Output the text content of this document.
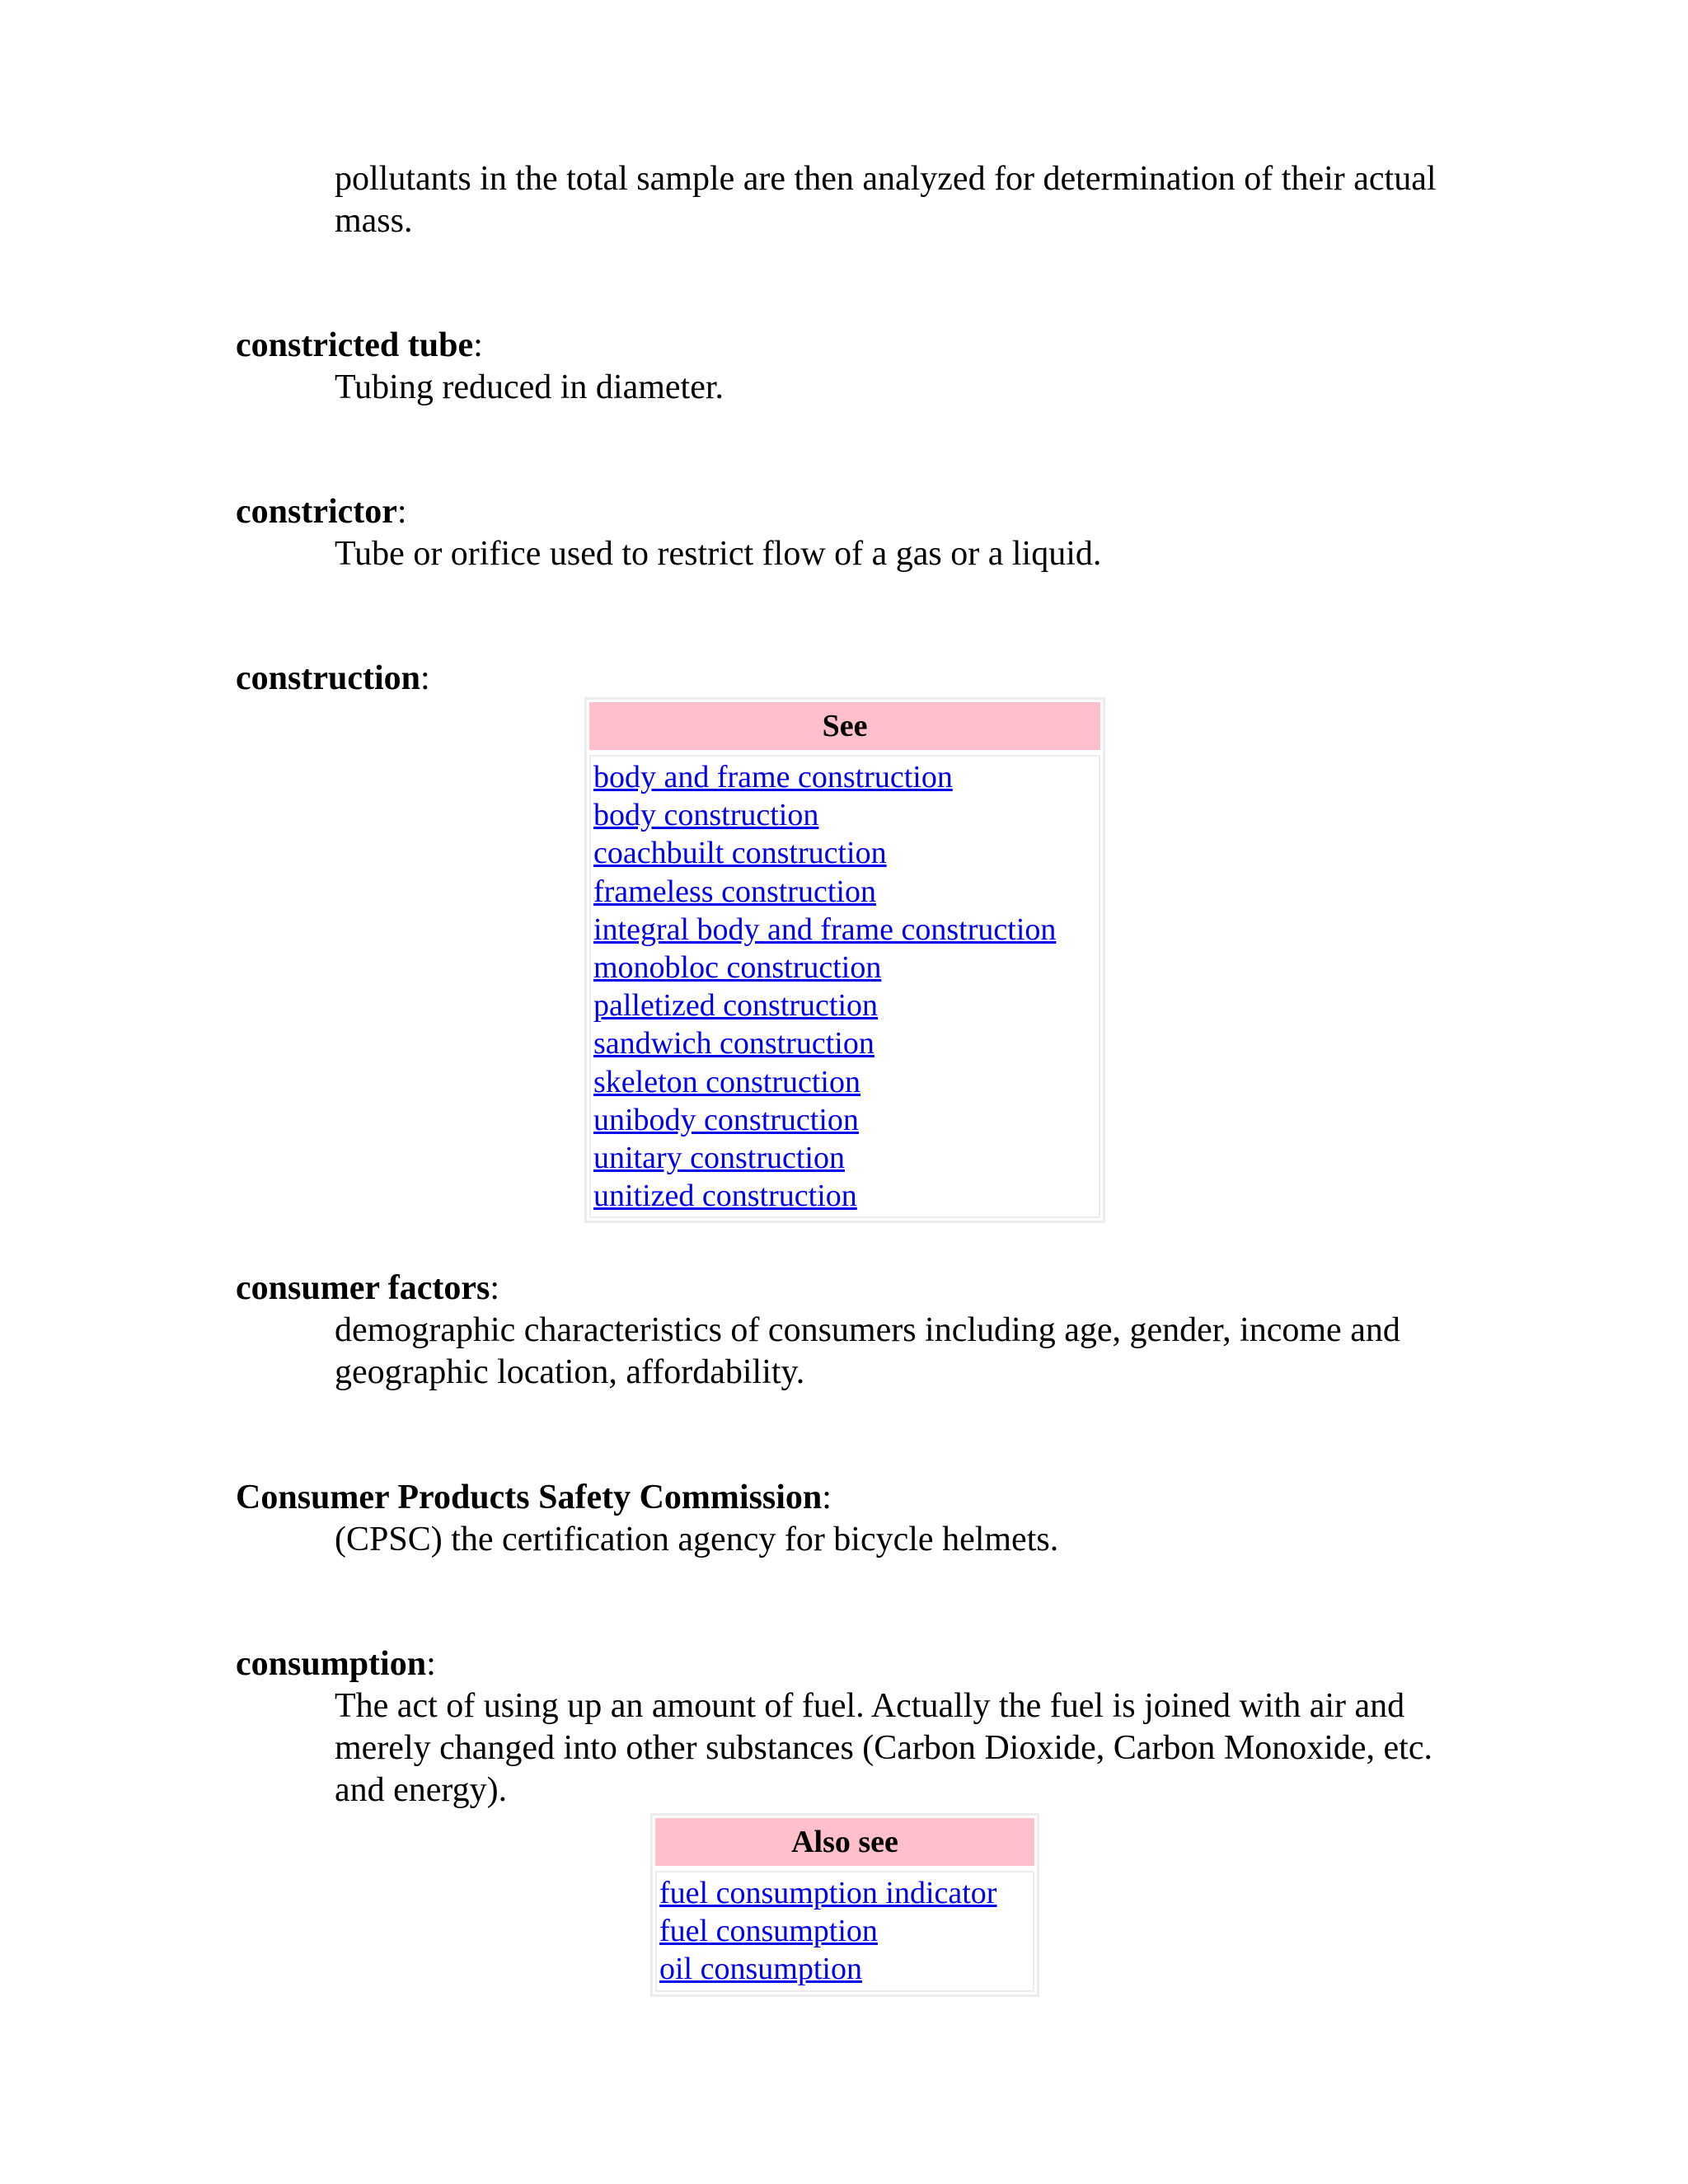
pollutants in the total sample are then analyzed for determination of their actual mass.
constricted tube:
Tubing reduced in diameter.
constrictor:
Tube or orifice used to restrict flow of a gas or a liquid.
construction:
See
body and frame construction
body construction
coachbuilt construction
frameless construction
integral body and frame construction
monobloc construction
palletized construction
sandwich construction
skeleton construction
unibody construction
unitary construction
unitized construction
consumer factors:
demographic characteristics of consumers including age, gender, income and geographic location, affordability.
Consumer Products Safety Commission:
(CPSC) the certification agency for bicycle helmets.
consumption:
The act of using up an amount of fuel. Actually the fuel is joined with air and merely changed into other substances (Carbon Dioxide, Carbon Monoxide, etc. and energy).
Also see
fuel consumption indicator
fuel consumption
oil consumption
